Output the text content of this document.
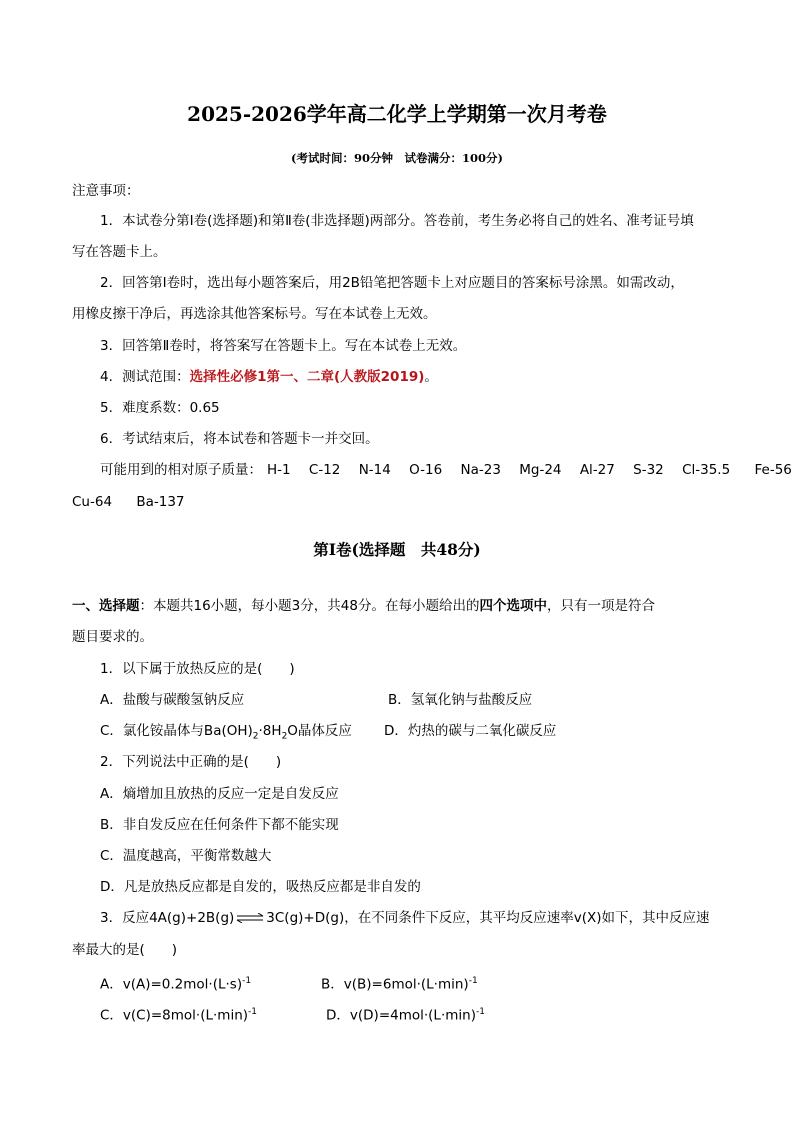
2025-2026学年高二化学上学期第一次月考卷
(考试时间：90分钟　试卷满分：100分)
注意事项：
1．本试卷分第Ⅰ卷(选择题)和第Ⅱ卷(非选择题)两部分。答卷前，考生务必将自己的姓名、准考证号填
写在答题卡上。
2．回答第Ⅰ卷时，选出每小题答案后，用2B铅笔把答题卡上对应题目的答案标号涂黑。如需改动，
用橡皮擦干净后，再选涂其他答案标号。写在本试卷上无效。
3．回答第Ⅱ卷时，将答案写在答题卡上。写在本试卷上无效。
4．测试范围：选择性必修1第一、二章(人教版2019)。
5．难度系数：0.65
6．考试结束后，将本试卷和答题卡一并交回。
可能用到的相对原子质量： H-1 C-12 N-14 O-16 Na-23 Mg-24 Al-27 S-32 Cl-35.5 Fe-56
Cu-64 Ba-137
第Ⅰ卷(选择题　共48分)
一、选择题：本题共16小题，每小题3分，共48分。在每小题给出的四个选项中，只有一项是符合
题目要求的。
1．以下属于放热反应的是(　　)
A．盐酸与碳酸氢钠反应	B．氢氧化钠与盐酸反应
C．氯化铵晶体与$Ba(OH)_2\cdot 8H_2O$晶体反应 D．灼热的碳与二氧化碳反应
2．下列说法中正确的是(　　)
A．熵增加且放热的反应一定是自发反应
B．非自发反应在任何条件下都不能实现
C．温度越高，平衡常数越大
D．凡是放热反应都是自发的，吸热反应都是非自发的
3．反应4A(g)+2B(g) ⇌ 3C(g)+D(g)，在不同条件下反应，其平均反应速率v(X)如下，其中反应速
率最大的是(　　)
A．$v(A)=0.2mol\cdot(L\cdot s)^{-1}$	B．$v(B)=6mol\cdot(L\cdot\min)^{-1}$
C．$v(C)=8mol\cdot(L\cdot\min)^{-1}$	D．$v(D)=4mol\cdot(L\cdot\min)^{-1}$
